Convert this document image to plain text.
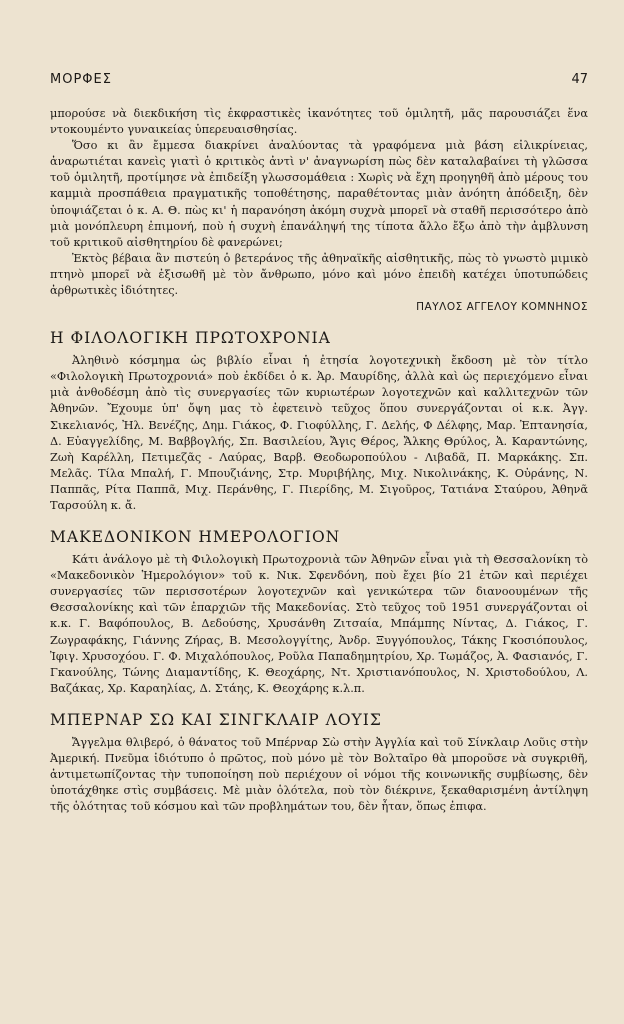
ΜΟΡΦΕΣ	47

μπορούσε νὰ διεκδικήση τὶς ἐκφραστικὲς ἱκανότητες τοῦ ὁμιλητῆ, μᾶς παρουσιάζει ἕνα ντοκουμέντο γυναικείας ὑπερευαισθησίας.

Ὅσο κι ἂν ἔμμεσα διακρίνει ἀναλύοντας τὰ γραφόμενα μιὰ βάση εἰλικρίνειας, ἀναρωτιέται κανεὶς γιατὶ ὁ κριτικὸς ἀντὶ ν' ἀναγνωρίση πὼς δὲν καταλαβαίνει τὴ γλῶσσα τοῦ ὁμιλητῆ, προτίμησε νὰ ἐπιδείξη γλωσσομάθεια : Χωρὶς νὰ ἔχη προηγηθῆ ἀπὸ μέρους του καμμιὰ προσπάθεια πραγματικῆς τοποθέτησης, παραθέτοντας μιὰν ἀνόητη ἀπόδειξη, δὲν ὑποψιάζεται ὁ κ. Α. Θ. πὼς κι' ἡ παρανόηση ἀκόμη συχνὰ μπορεῖ νὰ σταθῆ περισσότερο ἀπὸ μιὰ μονόπλευρη ἐπιμονή, ποὺ ἡ συχνὴ ἐπανάληψή της τίποτα ἄλλο ἔξω ἀπὸ τὴν ἀμβλυνση τοῦ κριτικοῦ αἰσθητηρίου δὲ φανερώνει;

Ἐκτὸς βέβαια ἂν πιστεύη ὁ βετεράνος τῆς ἀθηναϊκῆς αἰσθητικῆς, πὼς τὸ γνωστὸ μιμικὸ πτηνὸ μπορεῖ νὰ ἐξισωθῆ μὲ τὸν ἄνθρωπο, μόνο καὶ μόνο ἐπειδὴ κατέχει ὑποτυπώδεις ἀρθρωτικὲς ἰδιότητες.

ΠΑΥΛΟΣ ΑΓΓΕΛΟΥ ΚΟΜΝΗΝΟΣ
Η ΦΙΛΟΛΟΓΙΚΗ ΠΡΩΤΟΧΡΟΝΙΑ

Ἀληθινὸ κόσμημα ὡς βιβλίο εἶναι ἡ ἐτησία λογοτεχνικὴ ἔκδοση μὲ τὸν τίτλο «Φιλολογικὴ Πρωτοχρονιά» ποὺ ἐκδίδει ὁ κ. Ἀρ. Μαυρίδης, ἀλλὰ καὶ ὡς περιεχόμενο εἶναι μιὰ ἀνθοδέσμη ἀπὸ τὶς συνεργασίες τῶν κυριωτέρων λογοτεχνῶν καὶ καλλιτεχνῶν τῶν Ἀθηνῶν. Ἔχουμε ὑπ' ὄψη μας τὸ ἐφετεινὸ τεῦχος ὅπου συνεργάζονται οἱ κ.κ. Ἀγγ. Σικελιανός, Ἠλ. Βενέζης, Δημ. Γιάκος, Φ. Γιοφύλλης, Γ. Δελής, Φ Δέλφης, Μαρ. Ἐπτανησία, Δ. Εὐαγγελίδης, Μ. Βαββογλής, Σπ. Βασιλείου, Ἄγις Θέρος, Ἄλκης Θρύλος, Ἀ. Καραντώνης, Ζωὴ Καρέλλη, Πετιμεζᾶς - Λαύρας, Βαρβ. Θεοδωροπούλου - Λιβαδᾶ, Π. Μαρκάκης. Σπ. Μελᾶς. Τίλα Μπαλή, Γ. Μπουζιάνης, Στρ. Μυριβήλης, Μιχ. Νικολινάκης, Κ. Οὐράνης, Ν. Παππᾶς, Ρίτα Παππᾶ, Μιχ. Περάνθης, Γ. Πιερίδης, Μ. Σιγοῦρος, Τατιάνα Σταύρου, Ἀθηνᾶ Ταρσούλη κ. ἄ.

ΜΑΚΕΔΟΝΙΚΟΝ ΗΜΕΡΟΛΟΓΙΟΝ

Κάτι ἀνάλογο μὲ τὴ Φιλολογικὴ Πρωτοχρονιὰ τῶν Ἀθηνῶν εἶναι γιὰ τὴ Θεσσαλονίκη τὸ «Μακεδονικὸν Ἡμερολόγιον» τοῦ κ. Νικ. Σφενδόνη, ποὺ ἔχει βίο 21 ἐτῶν καὶ περιέχει συνεργασίες τῶν περισσοτέρων λογοτεχνῶν καὶ γενικώτερα τῶν διανοουμένων τῆς Θεσσαλονίκης καὶ τῶν ἐπαρχιῶν τῆς Μακεδονίας. Στὸ τεῦχος τοῦ 1951 συνεργάζονται οἱ κ.κ. Γ. Βαφόπουλος, Β. Δεδούσης, Χρυσάνθη Ζιτσαία, Μπάμπης Νίντας, Δ. Γιάκος, Γ. Ζωγραφάκης, Γιάννης Ζήρας, Β. Μεσολογγίτης, Ἀνδρ. Ξυγγόπουλος, Τάκης Γκοσιόπουλος, Ἰφιγ. Χρυσοχόου. Γ. Φ. Μιχαλόπουλος, Ροῦλα Παπαδημητρίου, Χρ. Τωμάζος, Ἀ. Φασιανός, Γ. Γκανούλης, Τώνης Διαμαντίδης, Κ. Θεοχάρης, Ντ. Χριστιανόπουλος, Ν. Χριστοδούλου, Λ. Βαζάκας, Χρ. Καραηλίας, Δ. Στάης, Κ. Θεοχάρης κ.λ.π.

ΜΠΕΡΝΑΡ ΣΩ ΚΑΙ ΣΙΝΓΚΛΑΙΡ ΛΟΥΙΣ

Ἄγγελμα θλιβερό, ὁ θάνατος τοῦ Μπέρναρ Σὼ στὴν Ἀγγλία καὶ τοῦ Σίνκλαιρ Λοῦις στὴν Ἀμερική. Πνεῦμα ἰδιότυπο ὁ πρῶτος, ποὺ μόνο μὲ τὸν Βολταῖρο θὰ μποροῦσε νὰ συγκριθῆ, ἀντιμετωπίζοντας τὴν τυποποίηση ποὺ περιέχουν οἱ νόμοι τῆς κοινωνικῆς συμβίωσης, δὲν ὑποτάχθηκε στὶς συμβάσεις. Μὲ μιὰν ὁλότελα, ποὺ τὸν διέκρινε, ξεκαθαρισμένη ἀντίληψη τῆς ὁλότητας τοῦ κόσμου καὶ τῶν προβλημάτων του, δὲν ἦταν, ὅπως ἐπιφα.
